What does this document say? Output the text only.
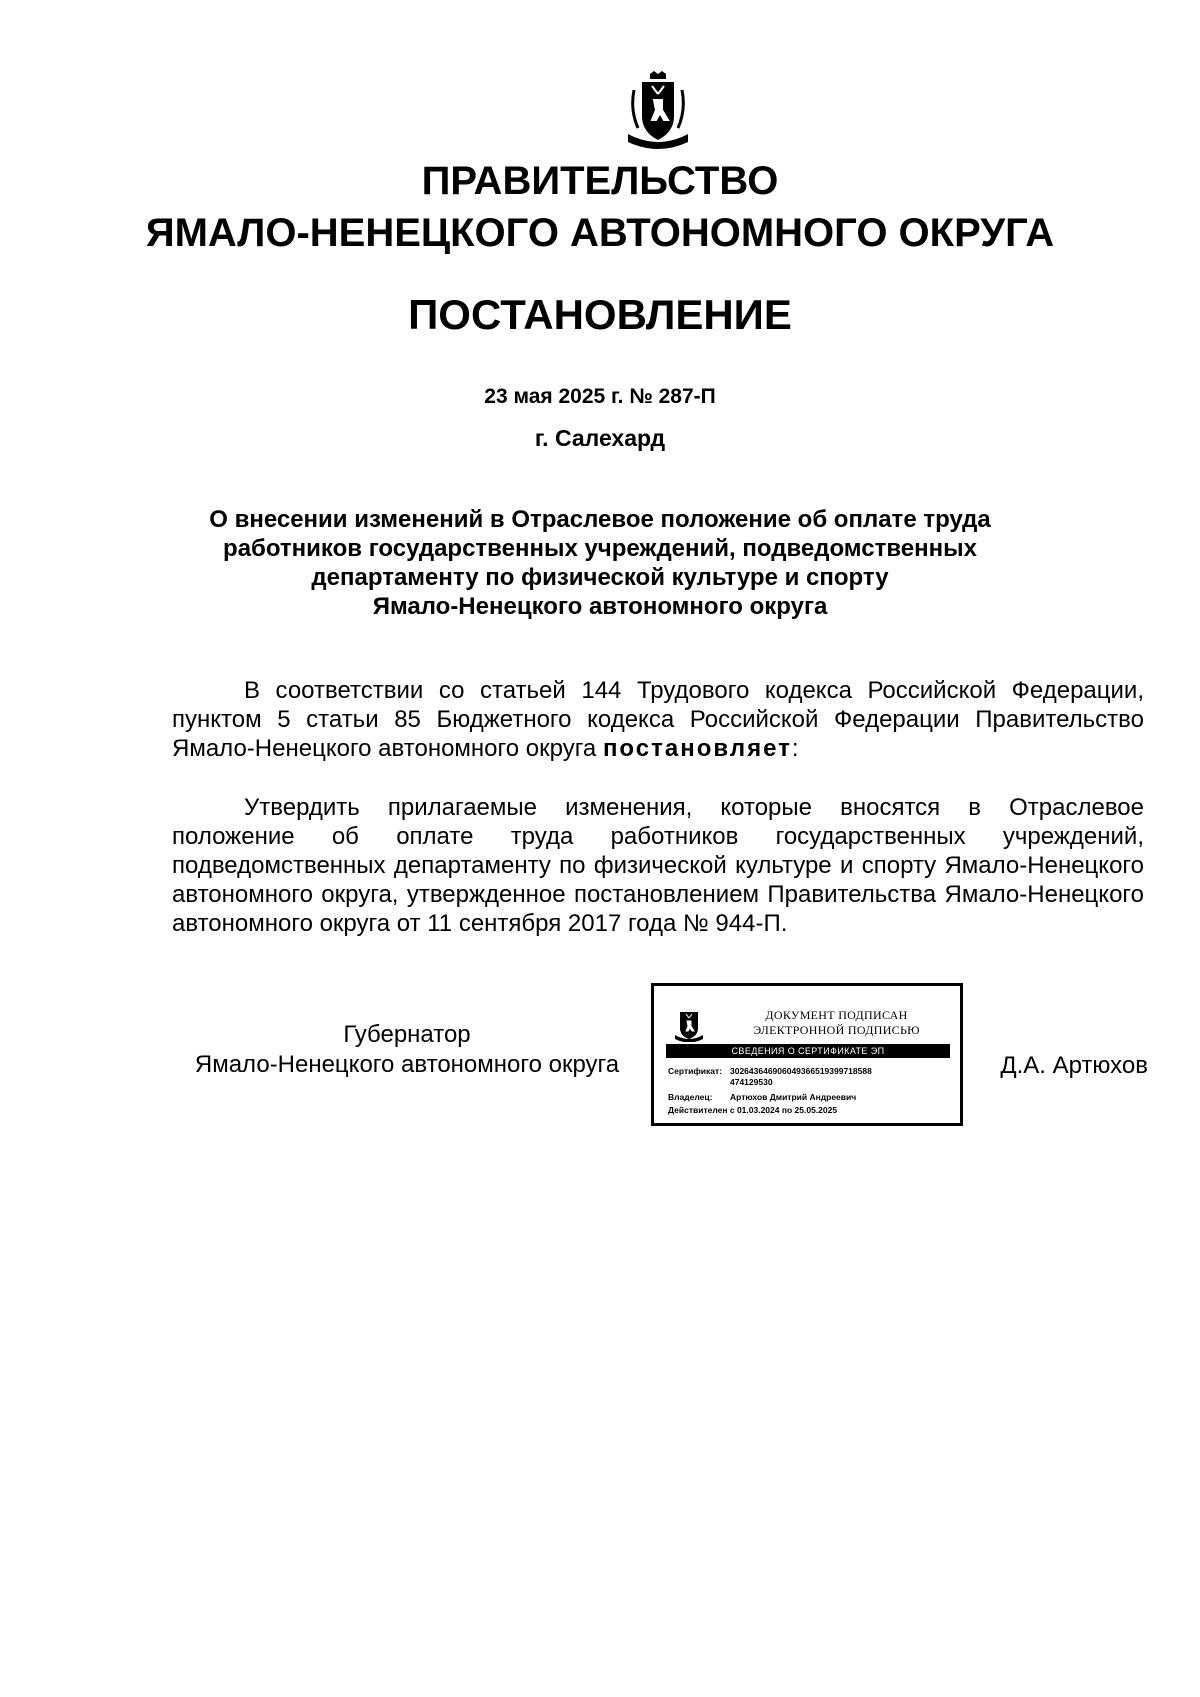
ПРАВИТЕЛЬСТВО
ЯМАЛО-НЕНЕЦКОГО АВТОНОМНОГО ОКРУГА
ПОСТАНОВЛЕНИЕ
23 мая 2025 г. № 287-П
г. Салехард
О внесении изменений в Отраслевое положение об оплате труда
работников государственных учреждений, подведомственных
департаменту по физической культуре и спорту
Ямало-Ненецкого автономного округа
В соответствии со статьей 144 Трудового кодекса Российской Федерации, пунктом 5 статьи 85 Бюджетного кодекса Российской Федерации Правительство Ямало-Ненецкого автономного округа постановляет:
Утвердить прилагаемые изменения, которые вносятся в Отраслевое положение об оплате труда работников государственных учреждений, подведомственных департаменту по физической культуре и спорту Ямало-Ненецкого автономного округа, утвержденное постановлением Правительства Ямало-Ненецкого автономного округа от 11 сентября 2017 года № 944-П.
Губернатор
Ямало-Ненецкого автономного округа
ДОКУМЕНТ ПОДПИСАН
ЭЛЕКТРОННОЙ ПОДПИСЬЮ
СВЕДЕНИЯ О СЕРТИФИКАТЕ ЭП
Сертификат: 302643646906049366519399718588
474129530
Владелец: Артюхов Дмитрий Андреевич
Действителен с 01.03.2024 по 25.05.2025
Д.А. Артюхов
